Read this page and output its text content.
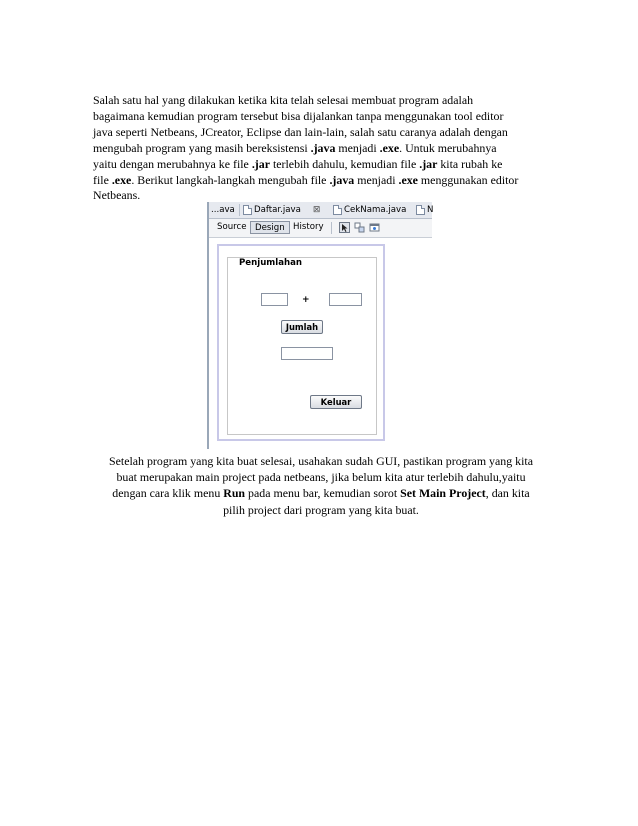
Salah satu hal yang dilakukan ketika kita telah selesai membuat program adalah
bagaimana kemudian program tersebut bisa dijalankan tanpa menggunakan tool editor
java seperti Netbeans, JCreator, Eclipse dan lain-lain, salah satu caranya adalah dengan
mengubah program yang masih bereksistensi .java menjadi .exe. Untuk merubahnya
yaitu dengan merubahnya ke file .jar terlebih dahulu, kemudian file .jar kita rubah ke
file .exe. Berikut langkah-langkah mengubah file .java menjadi .exe menggunakan editor
Netbeans.
...ava Daftar.java ⊠	CekNama.java N
Source Design History
Penjumlahan
+
Jumlah
Keluar
Setelah program yang kita buat selesai, usahakan sudah GUI, pastikan program yang kita
buat merupakan main project pada netbeans, jika belum kita atur terlebih dahulu,yaitu
dengan cara klik menu Run pada menu bar, kemudian sorot Set Main Project, dan kita
pilih project dari program yang kita buat.
